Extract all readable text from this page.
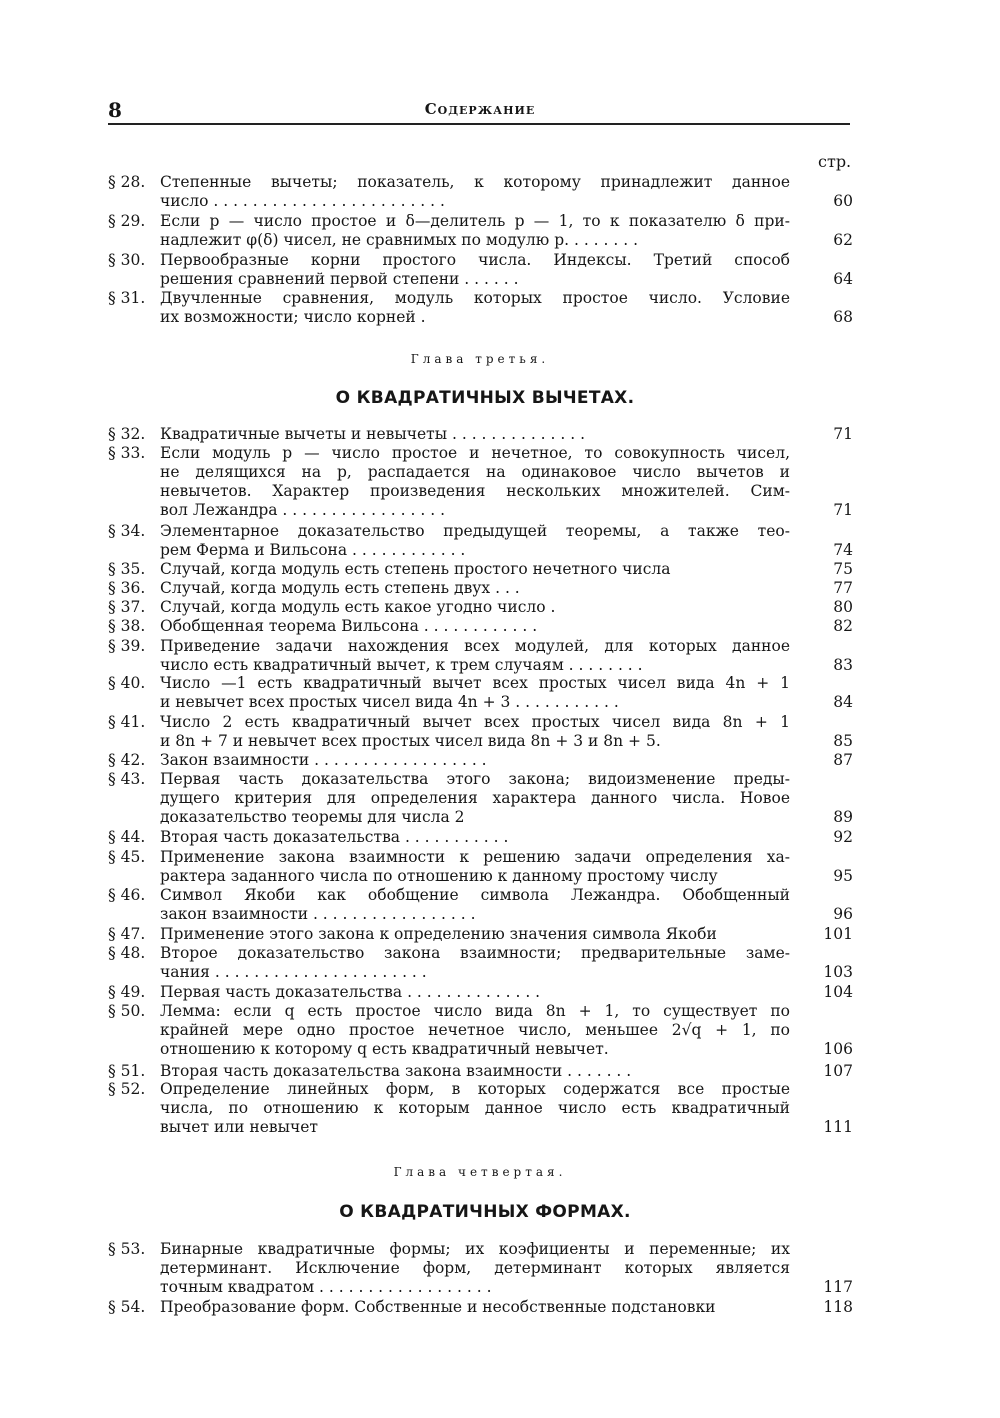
8	Содержание
стр.
§ 28. Степенные вычеты; показатель, к которому принадлежит данное
число . . . . . . . . . . . . . . . . . . . . . . . .	60
§ 29. Если p — число простое и δ—делитель p — 1, то к показателю δ при-
надлежит φ(δ) чисел, не сравнимых по модулю p. . . . . . . .	62
§ 30. Первообразные корни простого числа. Индексы. Третий способ
решения сравнений первой степени . . . . . .	64
§ 31. Двучленные сравнения, модуль которых простое число. Условие
их возможности; число корней .	68
§ 32. Квадратичные вычеты и невычеты . . . . . . . . . . . . . .	71
§ 33. Если модуль p — число простое и нечетное, то совокупность чисел,
не делящихся на p, распадается на одинаковое число вычетов и
невычетов. Характер произведения нескольких множителей. Сим-
вол Лежандра . . . . . . . . . . . . . . . . .	71
§ 34. Элементарное доказательство предыдущей теоремы, а также тео-
рем Ферма и Вильсона . . . . . . . . . . . .	74
§ 35. Случай, когда модуль есть степень простого нечетного числа	75
§ 36. Случай, когда модуль есть степень двух . . .	77
§ 37. Случай, когда модуль есть какое угодно число .	80
§ 38. Обобщенная теорема Вильсона . . . . . . . . . . . .	82
§ 39. Приведение задачи нахождения всех модулей, для которых данное
число есть квадратичный вычет, к трем случаям . . . . . . . .	83
§ 40. Число —1 есть квадратичный вычет всех простых чисел вида 4n + 1
и невычет всех простых чисел вида 4n + 3 . . . . . . . . . . .	84
§ 41. Число 2 есть квадратичный вычет всех простых чисел вида 8n + 1
и 8n + 7 и невычет всех простых чисел вида 8n + 3 и 8n + 5.	85
§ 42. Закон взаимности . . . . . . . . . . . . . . . . . .	87
§ 43. Первая часть доказательства этого закона; видоизменение преды-
дущего критерия для определения характера данного числа. Новое
доказательство теоремы для числа 2	89
§ 44. Вторая часть доказательства . . . . . . . . . . .	92
§ 45. Применение закона взаимности к решению задачи определения ха-
рактера заданного числа по отношению к данному простому числу	95
§ 46. Символ Якоби как обобщение символа Лежандра. Обобщенный
закон взаимности . . . . . . . . . . . . . . . . .	96
§ 47. Применение этого закона к определению значения символа Якоби	101
§ 48. Второе доказательство закона взаимности; предварительные заме-
чания . . . . . . . . . . . . . . . . . . . . . .	103
§ 49. Первая часть доказательства . . . . . . . . . . . . . .	104
§ 50. Лемма: если q есть простое число вида 8n + 1, то существует по
крайней мере одно простое нечетное число, меньшее 2√q + 1, по
отношению к которому q есть квадратичный невычет.	106
§ 51. Вторая часть доказательства закона взаимности . . . . . . .	107
§ 52. Определение линейных форм, в которых содержатся все простые
числа, по отношению к которым данное число есть квадратичный
вычет или невычет	111
§ 53. Бинарные квадратичные формы; их коэфициенты и переменные; их
детерминант. Исключение форм, детерминант которых является
точным квадратом . . . . . . . . . . . . . . . . . .	117
§ 54. Преобразование форм. Собственные и несобственные подстановки	118
Глава третья.
О КВАДРАТИЧНЫХ ВЫЧЕТАХ.
Глава четвертая.
О КВАДРАТИЧНЫХ ФОРМАХ.
